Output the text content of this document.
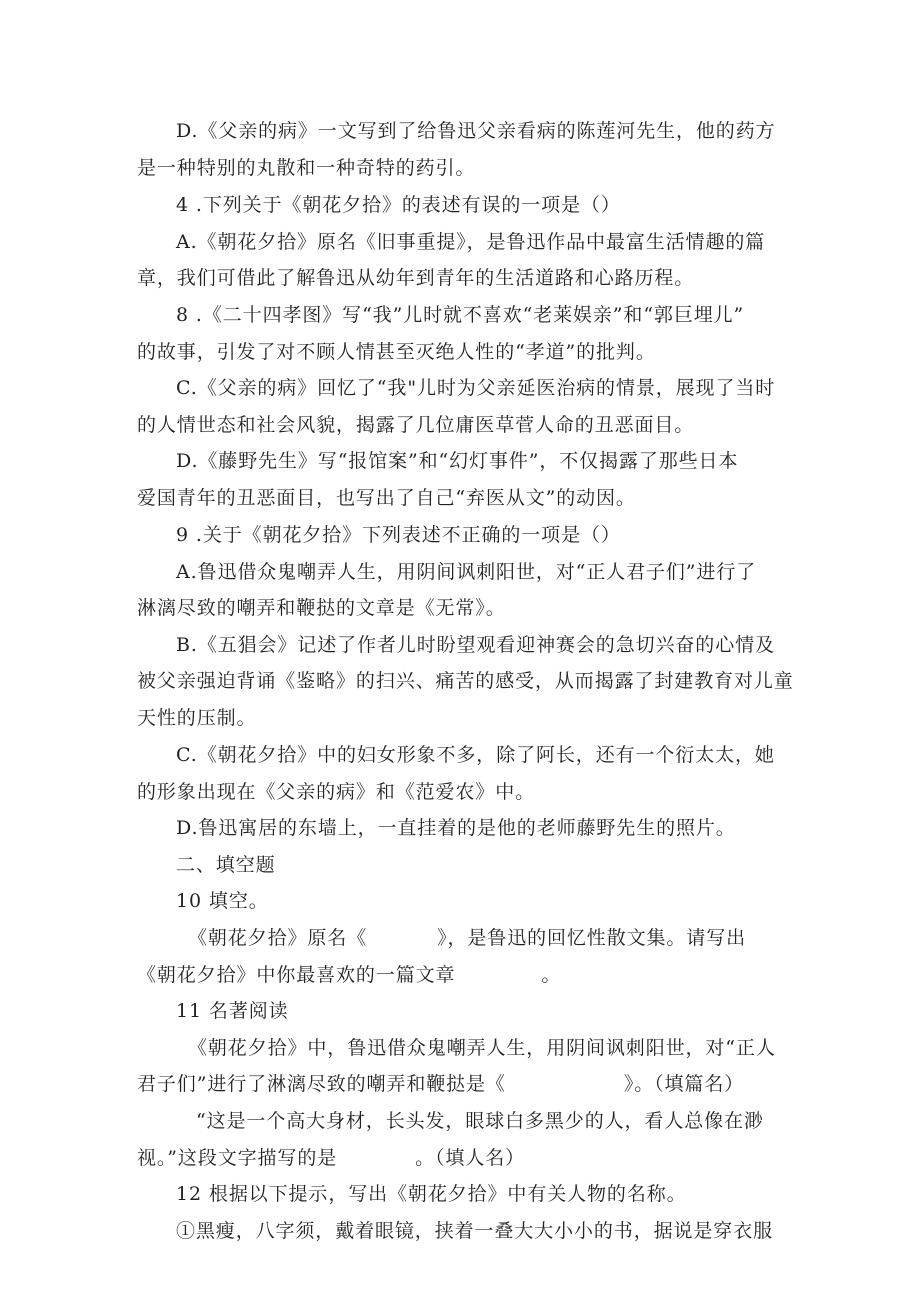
D.《父亲的病》一文写到了给鲁迅父亲看病的陈莲河先生，他的药方
是一种特别的丸散和一种奇特的药引。
4 .下列关于《朝花夕拾》的表述有误的一项是（）
A.《朝花夕拾》原名《旧事重提》，是鲁迅作品中最富生活情趣的篇
章，我们可借此了解鲁迅从幼年到青年的生活道路和心路历程。
8 .《二十四孝图》写“我”儿时就不喜欢“老莱娱亲”和“郭巨埋儿”
的故事，引发了对不顾人情甚至灭绝人性的“孝道”的批判。
C.《父亲的病》回忆了“我"儿时为父亲延医治病的情景，展现了当时
的人情世态和社会风貌，揭露了几位庸医草菅人命的丑恶面目。
D.《藤野先生》写“报馆案”和“幻灯事件”，不仅揭露了那些日本
爱国青年的丑恶面目，也写出了自己“弃医从文”的动因。
9 .关于《朝花夕拾》下列表述不正确的一项是（）
A.鲁迅借众鬼嘲弄人生，用阴间讽刺阳世，对“正人君子们”进行了
淋漓尽致的嘲弄和鞭挞的文章是《无常》。
B.《五猖会》记述了作者儿时盼望观看迎神赛会的急切兴奋的心情及
被父亲强迫背诵《鉴略》的扫兴、痛苦的感受，从而揭露了封建教育对儿童
天性的压制。
C.《朝花夕拾》中的妇女形象不多，除了阿长，还有一个衍太太，她
的形象出现在《父亲的病》和《范爱农》中。
D.鲁迅寓居的东墙上，一直挂着的是他的老师藤野先生的照片。
二、填空题
10 填空。
《朝花夕拾》原名《	》，是鲁迅的回忆性散文集。请写出
《朝花夕拾》中你最喜欢的一篇文章	。
11 名著阅读
《朝花夕拾》中，鲁迅借众鬼嘲弄人生，用阴间讽刺阳世，对“正人
君子们”进行了淋漓尽致的嘲弄和鞭挞是《	》。（填篇名）
“这是一个高大身材，长头发，眼球白多黑少的人，看人总像在渺
视。”这段文字描写的是	。（填人名）
12 根据以下提示，写出《朝花夕拾》中有关人物的名称。
①黑瘦，八字须，戴着眼镜，挟着一叠大大小小的书，据说是穿衣服
